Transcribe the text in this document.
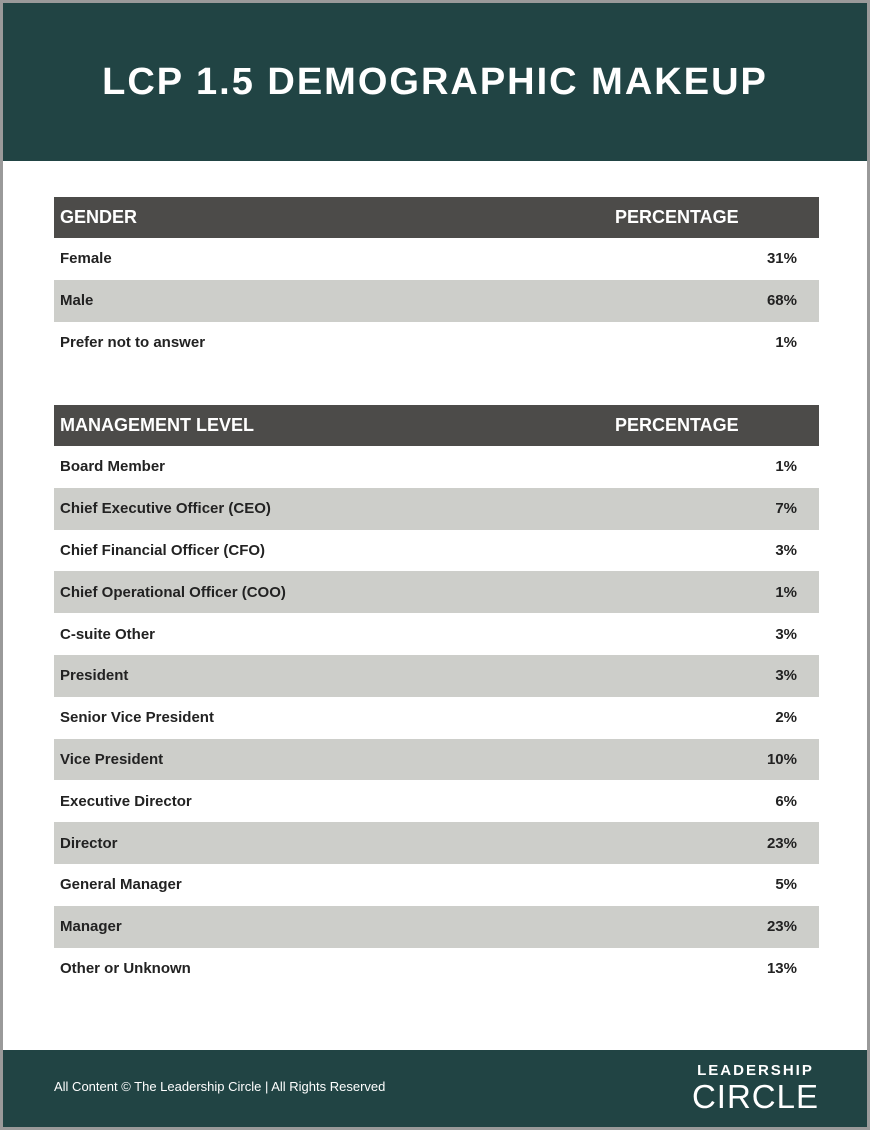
LCP 1.5 DEMOGRAPHIC MAKEUP
GENDER	PERCENTAGE
Female	31%
Male	68%
Prefer not to answer	1%
MANAGEMENT LEVEL	PERCENTAGE
Board Member	1%
Chief Executive Officer (CEO)	7%
Chief Financial Officer (CFO)	3%
Chief Operational Officer (COO)	1%
C-suite Other	3%
President	3%
Senior Vice President	2%
Vice President	10%
Executive Director	6%
Director	23%
General Manager	5%
Manager	23%
Other or Unknown	13%
All Content © The Leadership Circle | All Rights Reserved
LEADERSHIP
CIRCLE
